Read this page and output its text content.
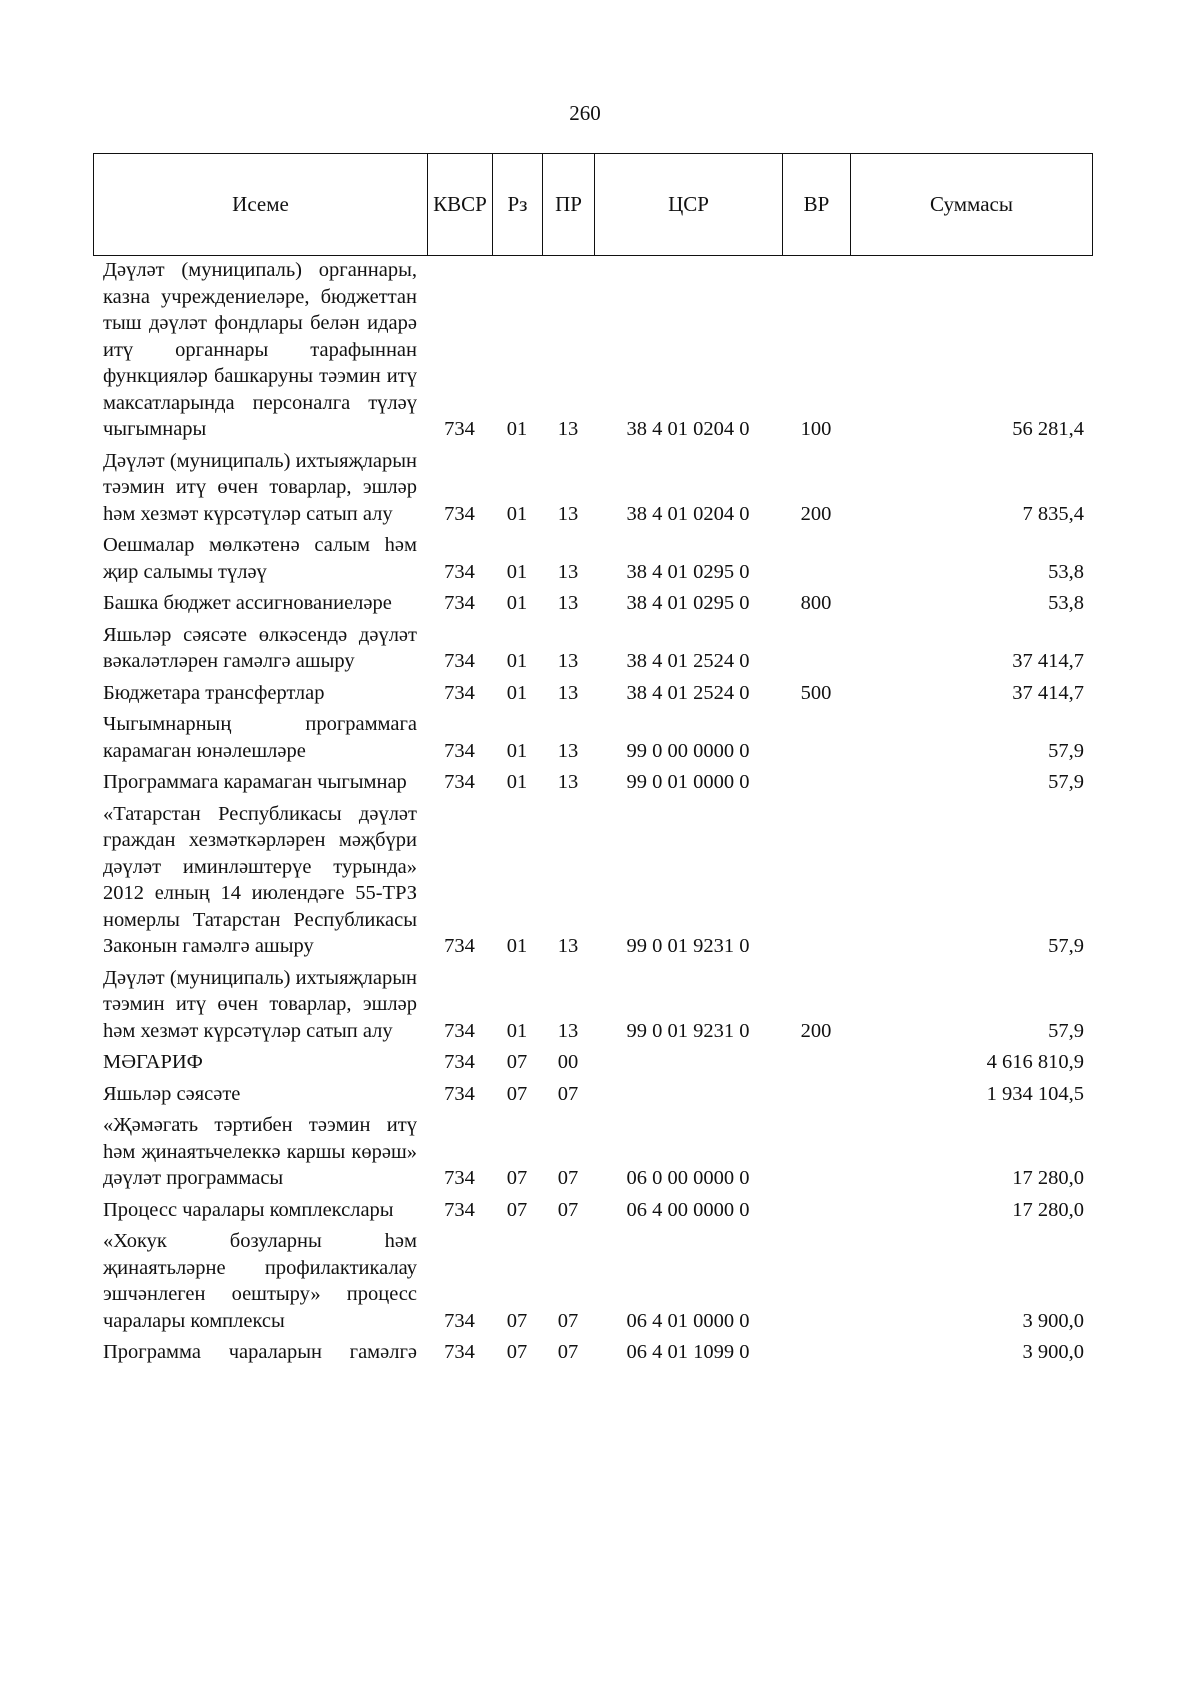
260
Исеме	КВСР	Рз	ПР	ЦСР	ВР	Суммасы
Дәүләт (муниципаль) органнары, казна учреждениеләре, бюджеттан тыш дәүләт фондлары белән идарә итү органнары тарафыннан функцияләр башкаруны тәэмин итү максатларында персоналга түләү чыгымнары	734	01	13	38 4 01 0204 0	100	56 281,4
Дәүләт (муниципаль) ихтыяҗларын тәэмин итү өчен товарлар, эшләр һәм хезмәт күрсәтүләр сатып алу	734	01	13	38 4 01 0204 0	200	7 835,4
Оешмалар мөлкәтенә салым һәм җир салымы түләү	734	01	13	38 4 01 0295 0		53,8
Башка бюджет ассигнованиеләре	734	01	13	38 4 01 0295 0	800	53,8
Яшьләр сәясәте өлкәсендә дәүләт вәкаләтләрен гамәлгә ашыру	734	01	13	38 4 01 2524 0		37 414,7
Бюджетара трансфертлар	734	01	13	38 4 01 2524 0	500	37 414,7
Чыгымнарның программага карамаган юнәлешләре	734	01	13	99 0 00 0000 0		57,9
Программага карамаган чыгымнар	734	01	13	99 0 01 0000 0		57,9
«Татарстан Республикасы дәүләт граждан хезмәткәрләрен мәҗбүри дәүләт иминләштерүе турында» 2012 елның 14 июлендәге 55-ТРЗ номерлы Татарстан Республикасы Законын гамәлгә ашыру	734	01	13	99 0 01 9231 0		57,9
Дәүләт (муниципаль) ихтыяҗларын тәэмин итү өчен товарлар, эшләр һәм хезмәт күрсәтүләр сатып алу	734	01	13	99 0 01 9231 0	200	57,9
МӘГАРИФ	734	07	00			4 616 810,9
Яшьләр сәясәте	734	07	07			1 934 104,5
«Җәмәгать тәртибен тәэмин итү һәм җинаятьчелеккә каршы көрәш» дәүләт программасы	734	07	07	06 0 00 0000 0		17 280,0
Процесс чаралары комплекслары	734	07	07	06 4 00 0000 0		17 280,0
«Хокук бозуларны һәм җинаятьләрне профилактикалау эшчәнлеген оештыру» процесс чаралары комплексы	734	07	07	06 4 01 0000 0		3 900,0
Программа чараларын гамәлгә	734	07	07	06 4 01 1099 0		3 900,0
